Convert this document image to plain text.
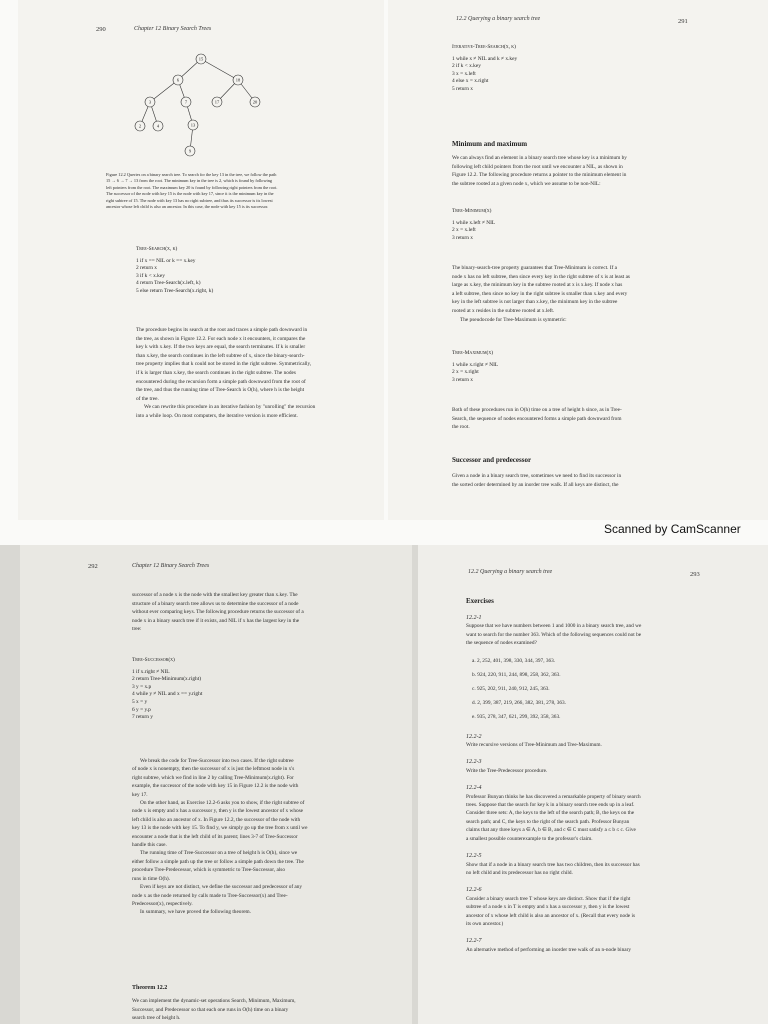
290	Chapter 12 Binary Search Trees
15
6	18
3	7	17	20
2	4	13
9
Figure 12.2 Queries on a binary search tree. To search for the key 13 in the tree, we follow the path
15 → 6 → 7 → 13 from the root. The minimum key in the tree is 2, which is found by following
left pointers from the root. The maximum key 20 is found by following right pointers from the root.
The successor of the node with key 15 is the node with key 17, since it is the minimum key in the
right subtree of 15. The node with key 13 has no right subtree, and thus its successor is its lowest
ancestor whose left child is also an ancestor. In this case, the node with key 15 is its successor.
Tree-Search(x, k)
1 if x == NIL or k == x.key
2 return x
3 if k < x.key
4 return Tree-Search(x.left, k)
5 else return Tree-Search(x.right, k)
The procedure begins its search at the root and traces a simple path downward in
the tree, as shown in Figure 12.2. For each node x it encounters, it compares the
key k with x.key. If the two keys are equal, the search terminates. If k is smaller
than x.key, the search continues in the left subtree of x, since the binary-search-
tree property implies that k could not be stored in the right subtree. Symmetrically,
if k is larger than x.key, the search continues in the right subtree. The nodes
encountered during the recursion form a simple path downward from the root of
the tree, and thus the running time of Tree-Search is O(h), where h is the height
of the tree.
We can rewrite this procedure in an iterative fashion by "unrolling" the recursion
into a while loop. On most computers, the iterative version is more efficient.
12.2 Querying a binary search tree	291
Iterative-Tree-Search(x, k)
1 while x ≠ NIL and k ≠ x.key
2 if k < x.key
3 x = x.left
4 else x = x.right
5 return x
Minimum and maximum
We can always find an element in a binary search tree whose key is a minimum by
following left child pointers from the root until we encounter a NIL, as shown in
Figure 12.2. The following procedure returns a pointer to the minimum element in
the subtree rooted at a given node x, which we assume to be non-NIL:
Tree-Minimum(x)
1 while x.left ≠ NIL
2 x = x.left
3 return x
The binary-search-tree property guarantees that Tree-Minimum is correct. If a
node x has no left subtree, then since every key in the right subtree of x is at least as
large as x.key, the minimum key in the subtree rooted at x is x.key. If node x has
a left subtree, then since no key in the right subtree is smaller than x.key and every
key in the left subtree is not larger than x.key, the minimum key in the subtree
rooted at x resides in the subtree rooted at x.left.
The pseudocode for Tree-Maximum is symmetric:
Tree-Maximum(x)
1 while x.right ≠ NIL
2 x = x.right
3 return x
Both of these procedures run in O(h) time on a tree of height h since, as in Tree-
Search, the sequence of nodes encountered forms a simple path downward from
the root.
Successor and predecessor
Given a node in a binary search tree, sometimes we need to find its successor in
the sorted order determined by an inorder tree walk. If all keys are distinct, the
Scanned by CamScanner
292	Chapter 12 Binary Search Trees
successor of a node x is the node with the smallest key greater than x.key. The
structure of a binary search tree allows us to determine the successor of a node
without ever comparing keys. The following procedure returns the successor of a
node x in a binary search tree if it exists, and NIL if x has the largest key in the
tree:
Tree-Successor(x)
1 if x.right ≠ NIL
2 return Tree-Minimum(x.right)
3 y = x.p
4 while y ≠ NIL and x == y.right
5 x = y
6 y = y.p
7 return y
We break the code for Tree-Successor into two cases. If the right subtree
of node x is nonempty, then the successor of x is just the leftmost node in x's
right subtree, which we find in line 2 by calling Tree-Minimum(x.right). For
example, the successor of the node with key 15 in Figure 12.2 is the node with
key 17.
On the other hand, as Exercise 12.2-6 asks you to show, if the right subtree of
node x is empty and x has a successor y, then y is the lowest ancestor of x whose
left child is also an ancestor of x. In Figure 12.2, the successor of the node with
key 13 is the node with key 15. To find y, we simply go up the tree from x until we
encounter a node that is the left child of its parent; lines 3-7 of Tree-Successor
handle this case.
The running time of Tree-Successor on a tree of height h is O(h), since we
either follow a simple path up the tree or follow a simple path down the tree. The
procedure Tree-Predecessor, which is symmetric to Tree-Successor, also
runs in time O(h).
Even if keys are not distinct, we define the successor and predecessor of any
node x as the node returned by calls made to Tree-Successor(x) and Tree-
Predecessor(x), respectively.
In summary, we have proved the following theorem.
Theorem 12.2
We can implement the dynamic-set operations Search, Minimum, Maximum,
Successor, and Predecessor so that each one runs in O(h) time on a binary
search tree of height h.
12.2 Querying a binary search tree	293
Exercises
12.2-1
Suppose that we have numbers between 1 and 1000 in a binary search tree, and we
want to search for the number 363. Which of the following sequences could not be
the sequence of nodes examined?
a. 2, 252, 401, 398, 330, 344, 397, 363.
b. 924, 220, 911, 244, 898, 258, 362, 363.
c. 925, 202, 911, 240, 912, 245, 363.
d. 2, 399, 387, 219, 266, 382, 381, 278, 363.
e. 935, 278, 347, 621, 299, 392, 358, 363.
12.2-2
Write recursive versions of Tree-Minimum and Tree-Maximum.
12.2-3
Write the Tree-Predecessor procedure.
12.2-4
Professor Bunyan thinks he has discovered a remarkable property of binary search
trees. Suppose that the search for key k in a binary search tree ends up in a leaf.
Consider three sets: A, the keys to the left of the search path; B, the keys on the
search path; and C, the keys to the right of the search path. Professor Bunyan
claims that any three keys a ∈ A, b ∈ B, and c ∈ C must satisfy a ≤ b ≤ c. Give
a smallest possible counterexample to the professor's claim.
12.2-5
Show that if a node in a binary search tree has two children, then its successor has
no left child and its predecessor has no right child.
12.2-6
Consider a binary search tree T whose keys are distinct. Show that if the right
subtree of a node x in T is empty and x has a successor y, then y is the lowest
ancestor of x whose left child is also an ancestor of x. (Recall that every node is
its own ancestor.)
12.2-7
An alternative method of performing an inorder tree walk of an n-node binary
